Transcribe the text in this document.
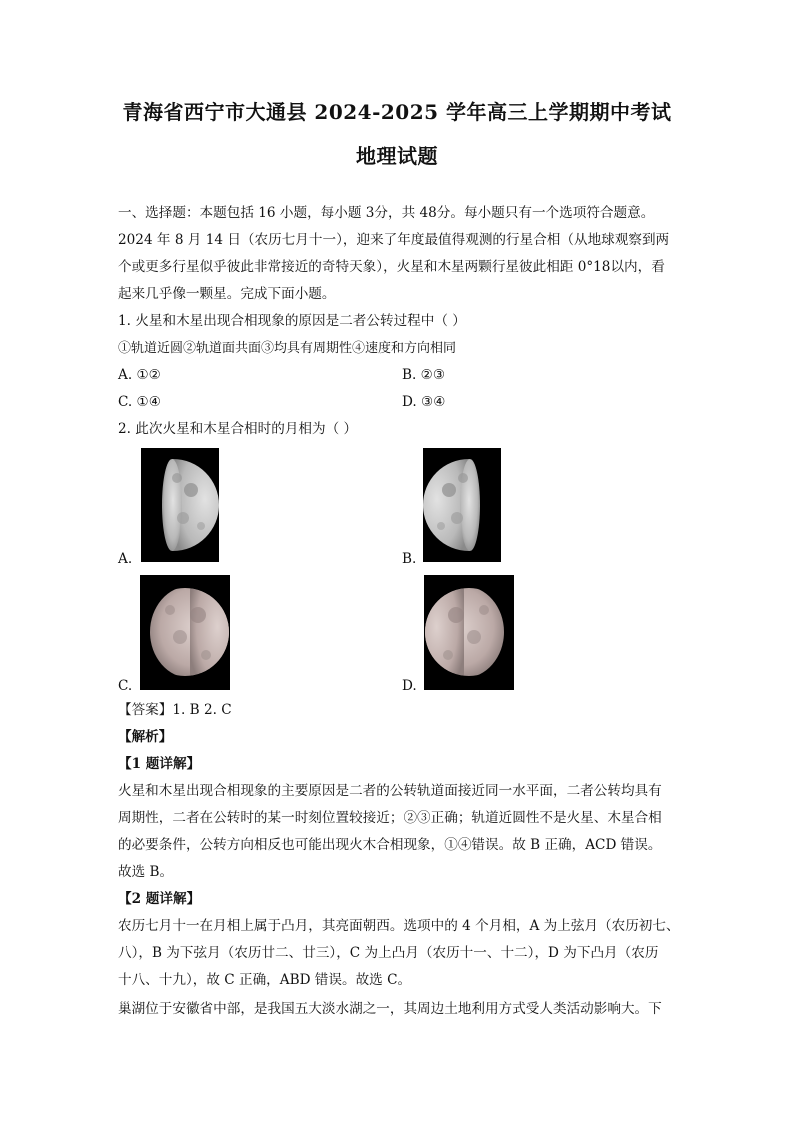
青海省西宁市大通县 2024-2025 学年高三上学期期中考试
地理试题
一、选择题：本题包括 16 小题，每小题 3分，共 48分。每小题只有一个选项符合题意。
2024 年 8 月 14 日（农历七月十一），迎来了年度最值得观测的行星合相（从地球观察到两
个或更多行星似乎彼此非常接近的奇特天象），火星和木星两颗行星彼此相距 0°18以内，看
起来几乎像一颗星。完成下面小题。
1. 火星和木星出现合相现象的原因是二者公转过程中（ ）
①轨道近圆②轨道面共面③均具有周期性④速度和方向相同
A. ①②	B. ②③
C. ①④	D. ③④
2. 此次火星和木星合相时的月相为（ ）
A.	B.
C.	D.
【答案】1. B 2. C
【解析】
【1 题详解】
火星和木星出现合相现象的主要原因是二者的公转轨道面接近同一水平面，二者公转均具有
周期性，二者在公转时的某一时刻位置较接近；②③正确；轨道近圆性不是火星、木星合相
的必要条件，公转方向相反也可能出现火木合相现象，①④错误。故 B 正确，ACD 错误。
故选 B。
【2 题详解】
农历七月十一在月相上属于凸月，其亮面朝西。选项中的 4 个月相，A 为上弦月（农历初七、
八），B 为下弦月（农历廿二、廿三），C 为上凸月（农历十一、十二），D 为下凸月（农历
十八、十九），故 C 正确，ABD 错误。故选 C。
巢湖位于安徽省中部，是我国五大淡水湖之一，其周边土地利用方式受人类活动影响大。下
